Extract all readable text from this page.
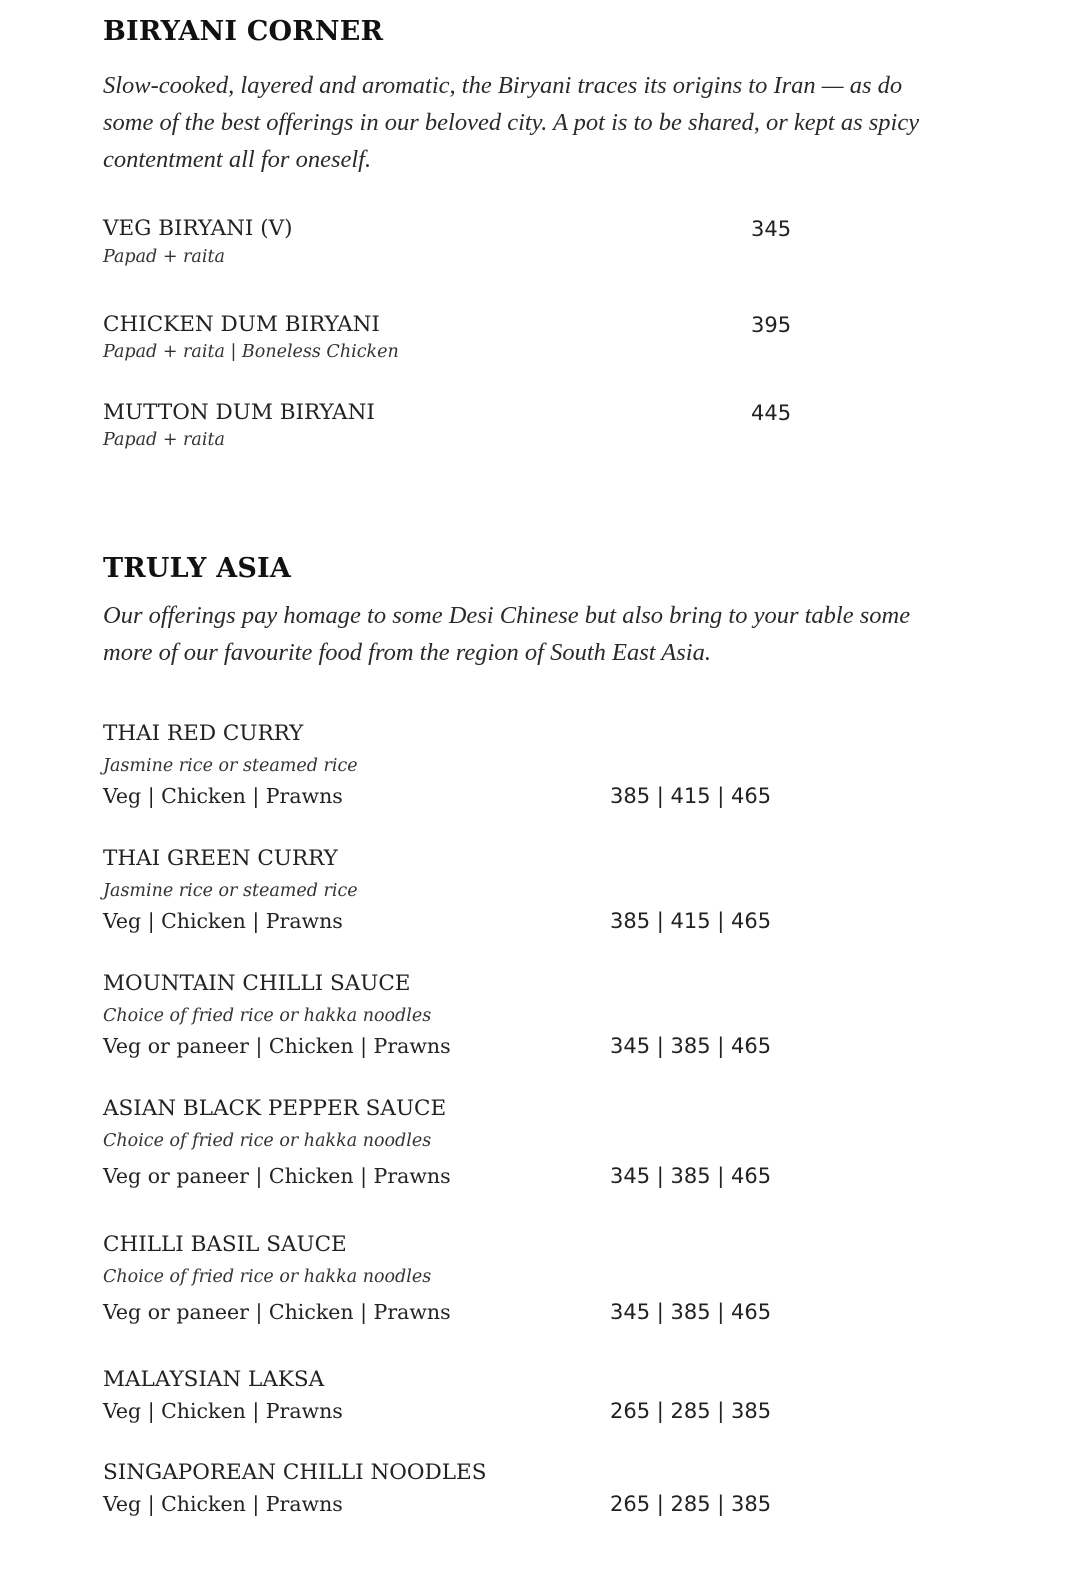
BIRYANI CORNER

Slow-cooked, layered and aromatic, the Biryani traces its origins to Iran — as do some of the best offerings in our beloved city. A pot is to be shared, or kept as spicy contentment all for oneself.

VEG BIRYANI (V)
Papad + raita
345
CHICKEN DUM BIRYANI
Papad + raita | Boneless Chicken
395
MUTTON DUM BIRYANI
Papad + raita
445
TRULY ASIA

Our offerings pay homage to some Desi Chinese but also bring to your table some more of our favourite food from the region of South East Asia.

THAI RED CURRY
Jasmine rice or steamed rice
Veg | Chicken | Prawns	385 | 415 | 465
THAI GREEN CURRY
Jasmine rice or steamed rice
Veg | Chicken | Prawns	385 | 415 | 465
MOUNTAIN CHILLI SAUCE
Choice of fried rice or hakka noodles
Veg or paneer | Chicken | Prawns	345 | 385 | 465
ASIAN BLACK PEPPER SAUCE
Choice of fried rice or hakka noodles
Veg or paneer | Chicken | Prawns	345 | 385 | 465
CHILLI BASIL SAUCE
Choice of fried rice or hakka noodles
Veg or paneer | Chicken | Prawns	345 | 385 | 465
MALAYSIAN LAKSA
Veg | Chicken | Prawns	265 | 285 | 385
SINGAPOREAN CHILLI NOODLES
Veg | Chicken | Prawns	265 | 285 | 385
